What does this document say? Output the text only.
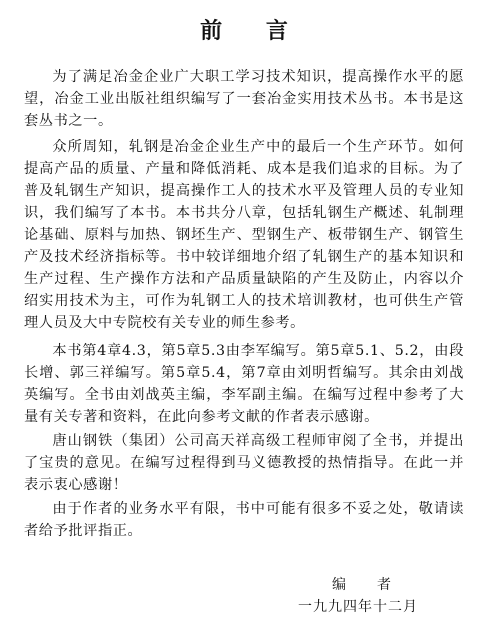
前 言

为了满足冶金企业广大职工学习技术知识，提高操作水平的愿望，冶金工业出版社组织编写了一套冶金实用技术丛书。本书是这套丛书之一。

众所周知，轧钢是冶金企业生产中的最后一个生产环节。如何提高产品的质量、产量和降低消耗、成本是我们追求的目标。为了普及轧钢生产知识，提高操作工人的技术水平及管理人员的专业知识，我们编写了本书。本书共分八章，包括轧钢生产概述、轧制理论基础、原料与加热、钢坯生产、型钢生产、板带钢生产、钢管生产及技术经济指标等。书中较详细地介绍了轧钢生产的基本知识和生产过程、生产操作方法和产品质量缺陷的产生及防止，内容以介绍实用技术为主，可作为轧钢工人的技术培训教材，也可供生产管理人员及大中专院校有关专业的师生参考。

本书第4章4.3，第5章5.3由李军编写。第5章5.1、5.2，由段长增、郭三祥编写。第5章5.4，第7章由刘明哲编写。其余由刘战英编写。全书由刘战英主编，李军副主编。在编写过程中参考了大量有关专著和资料，在此向参考文献的作者表示感谢。

唐山钢铁（集团）公司高天祥高级工程师审阅了全书，并提出了宝贵的意见。在编写过程得到马义德教授的热情指导。在此一并表示衷心感谢！

由于作者的业务水平有限，书中可能有很多不妥之处，敬请读者给予批评指正。

编　　者
一九九四年十二月
